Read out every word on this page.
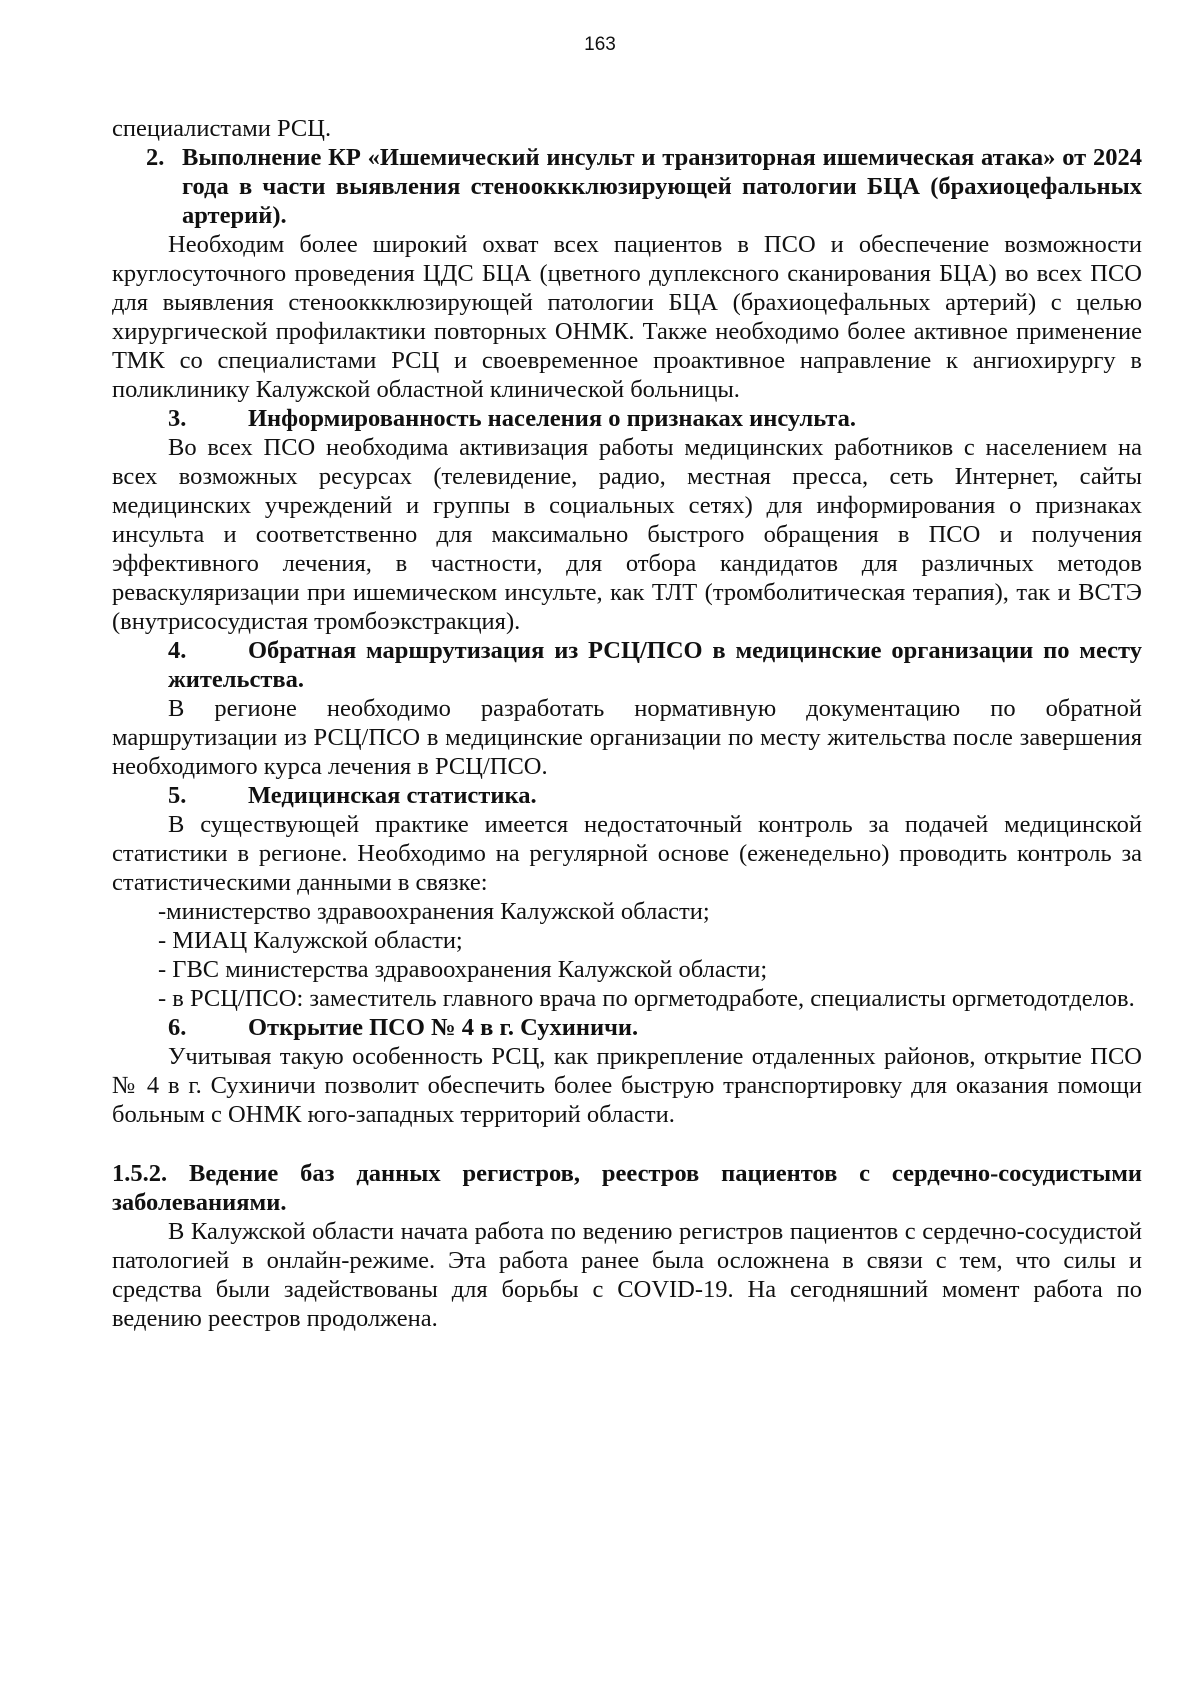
163

специалистами РСЦ.

2. Выполнение КР «Ишемический инсульт и транзиторная ишемическая атака» от 2024 года в части выявления стенооккклюзирующей патологии БЦА (брахиоцефальных артерий).

Необходим более широкий охват всех пациентов в ПСО и обеспечение возможности круглосуточного проведения ЦДС БЦА (цветного дуплексного сканирования БЦА) во всех ПСО для выявления стенооккклюзирующей патологии БЦА (брахиоцефальных артерий) с целью хирургической профилактики повторных ОНМК. Также необходимо более активное применение ТМК со специалистами РСЦ и своевременное проактивное направление к ангиохирургу в поликлинику Калужской областной клинической больницы.

3.	Информированность населения о признаках инсульта.

Во всех ПСО необходима активизация работы медицинских работников с населением на всех возможных ресурсах (телевидение, радио, местная пресса, сеть Интернет, сайты медицинских учреждений и группы в социальных сетях) для информирования о признаках инсульта и соответственно для максимально быстрого обращения в ПСО и получения эффективного лечения, в частности, для отбора кандидатов для различных методов реваскуляризации при ишемическом инсульте, как ТЛТ (тромболитическая терапия), так и ВСТЭ (внутрисосудистая тромбоэкстракция).

4.	Обратная маршрутизация из РСЦ/ПСО в медицинские организации по месту жительства.

В регионе необходимо разработать нормативную документацию по обратной маршрутизации из РСЦ/ПСО в медицинские организации по месту жительства после завершения необходимого курса лечения в РСЦ/ПСО.

5.	Медицинская статистика.

В существующей практике имеется недостаточный контроль за подачей медицинской статистики в регионе. Необходимо на регулярной основе (еженедельно) проводить контроль за статистическими данными в связке:

-министерство здравоохранения Калужской области;

- МИАЦ Калужской области;

- ГВС министерства здравоохранения Калужской области;

- в РСЦ/ПСО: заместитель главного врача по оргметодработе, специалисты оргметодотделов.

6.	Открытие ПСО № 4 в г. Сухиничи.

Учитывая такую особенность РСЦ, как прикрепление отдаленных районов, открытие ПСО № 4 в г. Сухиничи позволит обеспечить более быструю транспортировку для оказания помощи больным с ОНМК юго-западных территорий области.

1.5.2. Ведение баз данных регистров, реестров пациентов с сердечно-сосудистыми заболеваниями.

В Калужской области начата работа по ведению регистров пациентов с сердечно-сосудистой патологией в онлайн-режиме. Эта работа ранее была осложнена в связи с тем, что силы и средства были задействованы для борьбы с COVID-19. На сегодняшний момент работа по ведению реестров продолжена.
